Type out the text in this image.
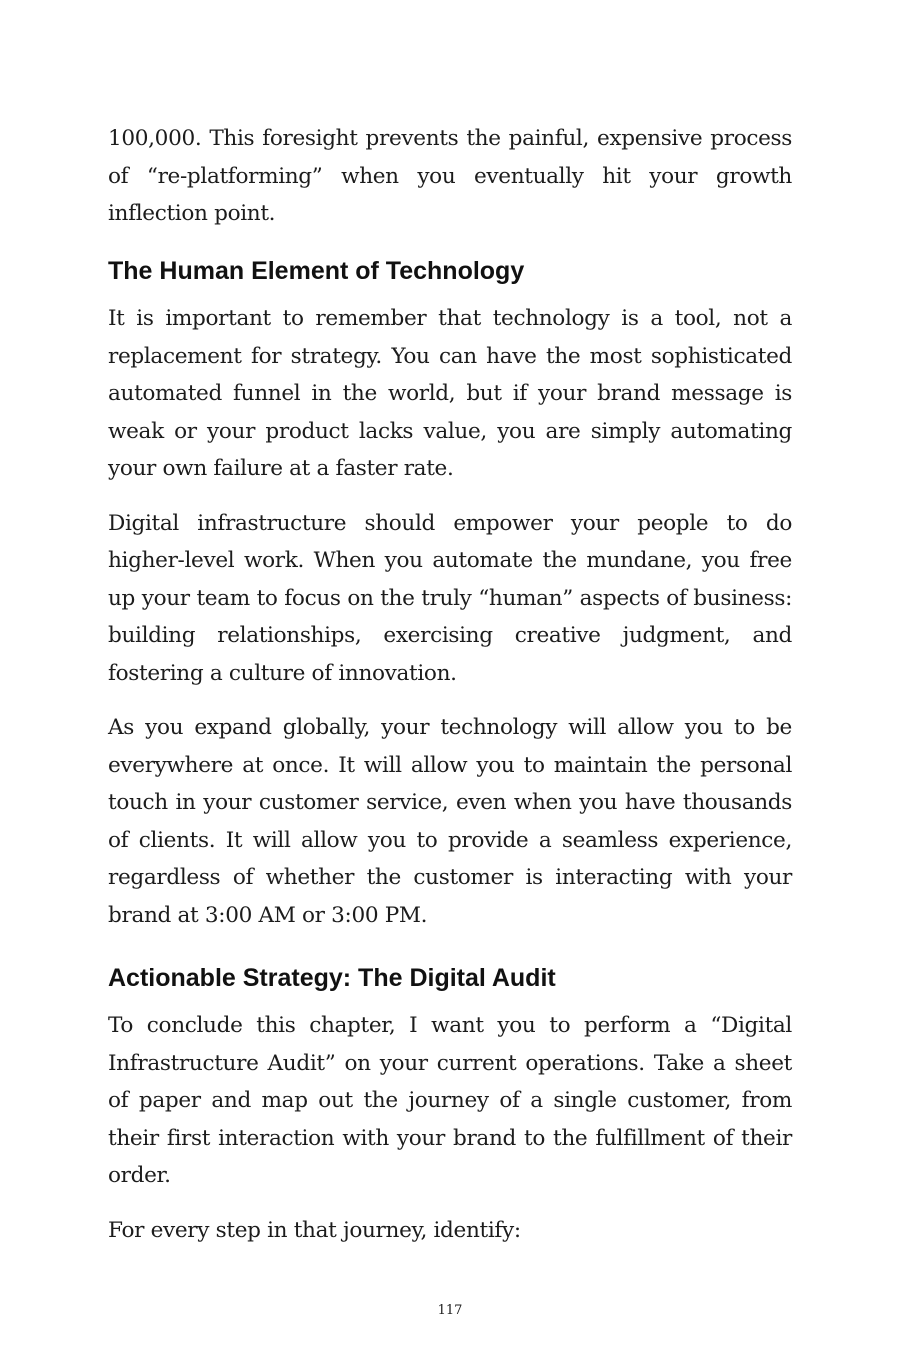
100,000. This foresight prevents the painful, expensive process of “re-platforming” when you eventually hit your growth inflection point.

The Human Element of Technology

It is important to remember that technology is a tool, not a replacement for strategy. You can have the most sophisticated automated funnel in the world, but if your brand message is weak or your product lacks value, you are simply automating your own failure at a faster rate.

Digital infrastructure should empower your people to do higher-level work. When you automate the mundane, you free up your team to focus on the truly “human” aspects of business: building relationships, exercising creative judgment, and fostering a culture of innovation.

As you expand globally, your technology will allow you to be everywhere at once. It will allow you to maintain the personal touch in your customer service, even when you have thousands of clients. It will allow you to provide a seamless experience, regardless of whether the customer is interacting with your brand at 3:00 AM or 3:00 PM.

Actionable Strategy: The Digital Audit

To conclude this chapter, I want you to perform a “Digital Infrastructure Audit” on your current operations. Take a sheet of paper and map out the journey of a single customer, from their first interaction with your brand to the fulfillment of their order.

For every step in that journey, identify:

117
